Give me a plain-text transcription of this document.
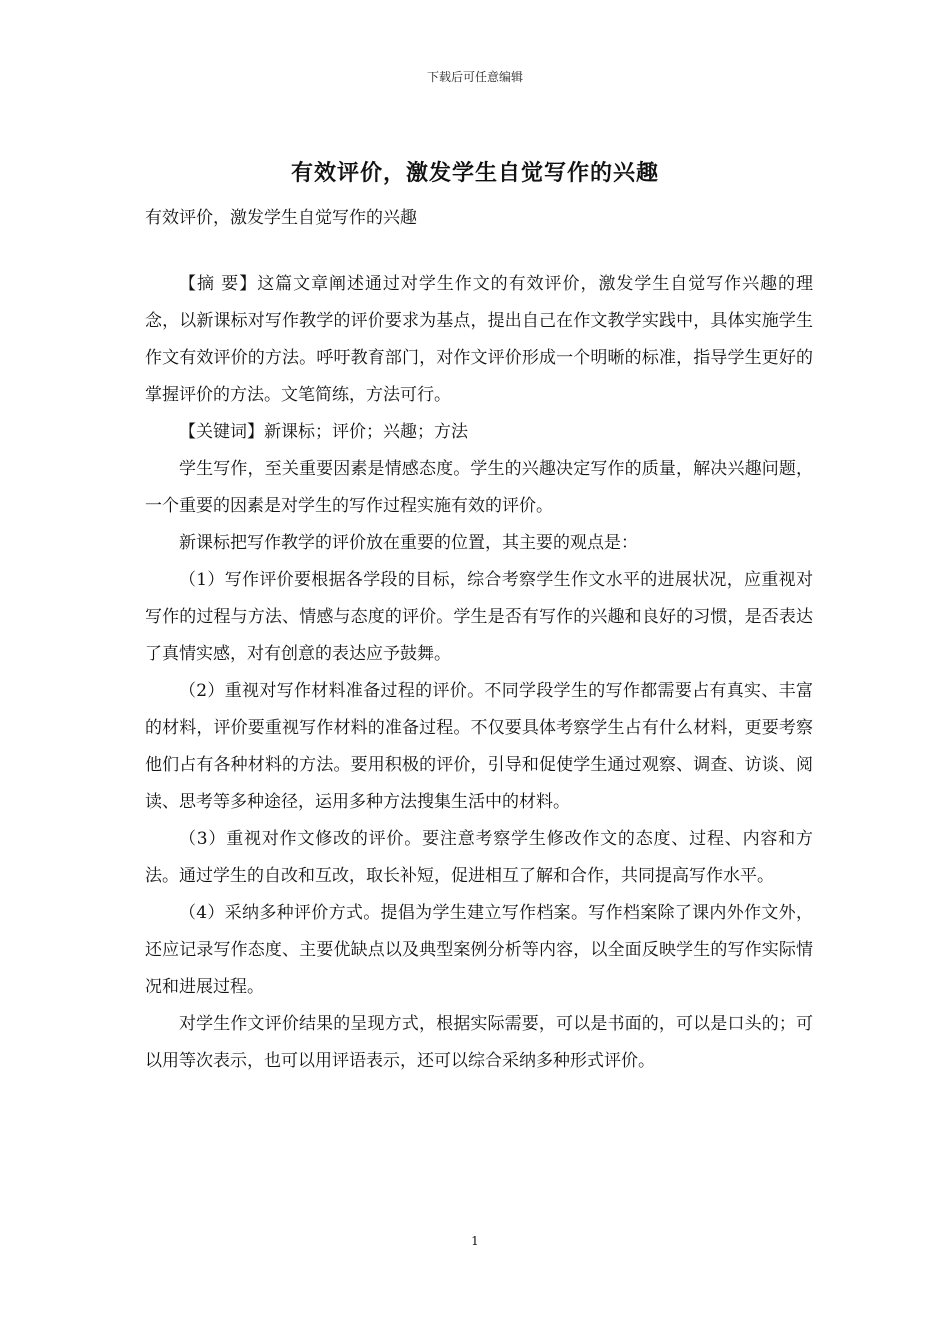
下载后可任意编辑
有效评价，激发学生自觉写作的兴趣
有效评价，激发学生自觉写作的兴趣

【摘 要】这篇文章阐述通过对学生作文的有效评价，激发学生自觉写作兴趣的理念，以新课标对写作教学的评价要求为基点，提出自己在作文教学实践中，具体实施学生作文有效评价的方法。呼吁教育部门，对作文评价形成一个明晰的标准，指导学生更好的掌握评价的方法。文笔简练，方法可行。

【关键词】新课标；评价；兴趣；方法

学生写作，至关重要因素是情感态度。学生的兴趣决定写作的质量，解决兴趣问题，一个重要的因素是对学生的写作过程实施有效的评价。

新课标把写作教学的评价放在重要的位置，其主要的观点是：

（1）写作评价要根据各学段的目标，综合考察学生作文水平的进展状况，应重视对写作的过程与方法、情感与态度的评价。学生是否有写作的兴趣和良好的习惯，是否表达了真情实感，对有创意的表达应予鼓舞。

（2）重视对写作材料准备过程的评价。不同学段学生的写作都需要占有真实、丰富的材料，评价要重视写作材料的准备过程。不仅要具体考察学生占有什么材料，更要考察他们占有各种材料的方法。要用积极的评价，引导和促使学生通过观察、调查、访谈、阅读、思考等多种途径，运用多种方法搜集生活中的材料。

（3）重视对作文修改的评价。要注意考察学生修改作文的态度、过程、内容和方法。通过学生的自改和互改，取长补短，促进相互了解和合作，共同提高写作水平。

（4）采纳多种评价方式。提倡为学生建立写作档案。写作档案除了课内外作文外，还应记录写作态度、主要优缺点以及典型案例分析等内容，以全面反映学生的写作实际情况和进展过程。

对学生作文评价结果的呈现方式，根据实际需要，可以是书面的，可以是口头的；可以用等次表示，也可以用评语表示，还可以综合采纳多种形式评价。

1
